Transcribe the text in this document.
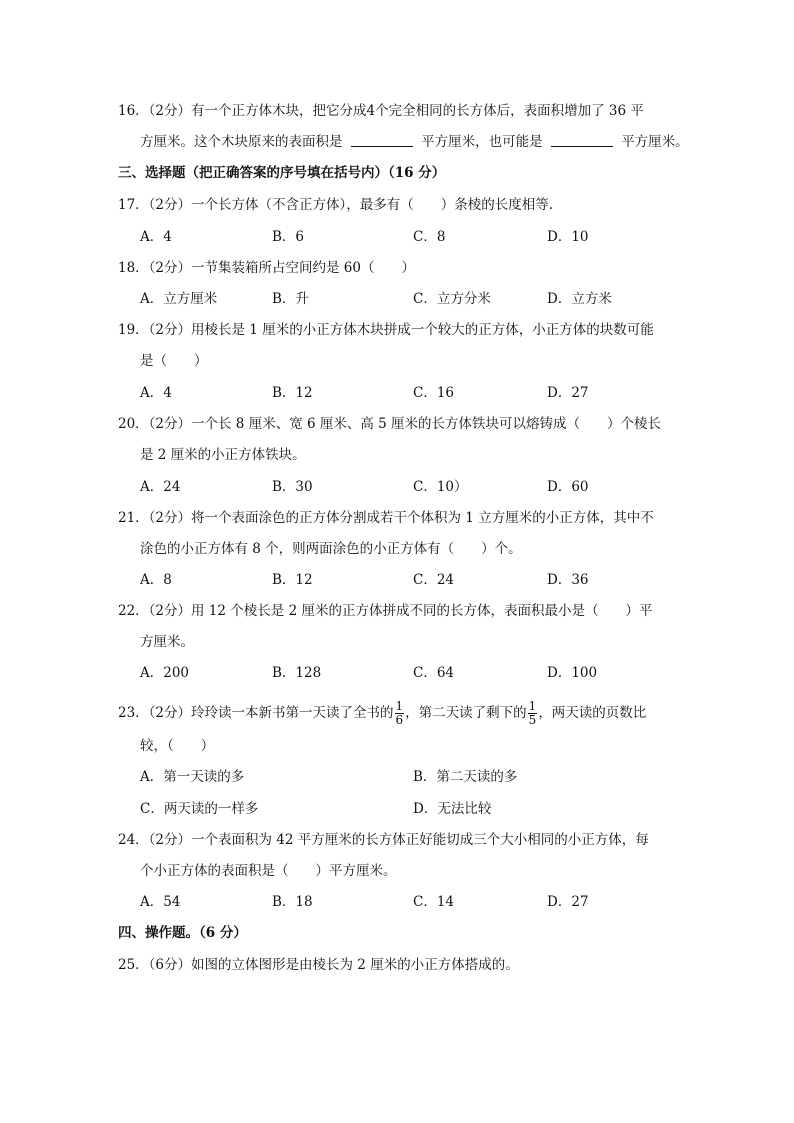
16．（2分）有一个正方体木块，把它分成4个完全相同的长方体后，表面积增加了 36 平
方厘米。这个木块原来的表面积是	平方厘米，也可能是	平方厘米。
三、选择题（把正确答案的序号填在括号内）（16 分）
17．（2分）一个长方体（不含正方体），最多有（　　）条棱的长度相等.
A．4	B．6	C．8	D．10
18．（2分）一节集装箱所占空间约是 60（　　）
A．立方厘米	B．升	C．立方分米	D．立方米
19．（2分）用棱长是 1 厘米的小正方体木块拼成一个较大的正方体，小正方体的块数可能
是（　　）
A．4	B．12	C．16	D．27
20．（2分）一个长 8 厘米、宽 6 厘米、高 5 厘米的长方体铁块可以熔铸成（　　）个棱长
是 2 厘米的小正方体铁块。
A．24	B．30	C．10）	D．60
21．（2分）将一个表面涂色的正方体分割成若干个体积为 1 立方厘米的小正方体，其中不
涂色的小正方体有 8 个，则两面涂色的小正方体有（　　）个。
A．8	B．12	C．24	D．36
22．（2分）用 12 个棱长是 2 厘米的正方体拼成不同的长方体，表面积最小是（　　）平
方厘米。
A．200	B．128	C．64	D．100
23．（2分）玲玲读一本新书第一天读了全书的 $\frac{1}{6}$ ，第二天读了剩下的 $\frac{1}{5}$ ，两天读的页数比
较，（　　）
A．第一天读的多	B．第二天读的多
C．两天读的一样多	D．无法比较
24．（2分）一个表面积为 42 平方厘米的长方体正好能切成三个大小相同的小正方体，每
个小正方体的表面积是（　　）平方厘米。
A．54	B．18	C．14	D．27
四、操作题。（6 分）
25．（6分）如图的立体图形是由棱长为 2 厘米的小正方体搭成的。
